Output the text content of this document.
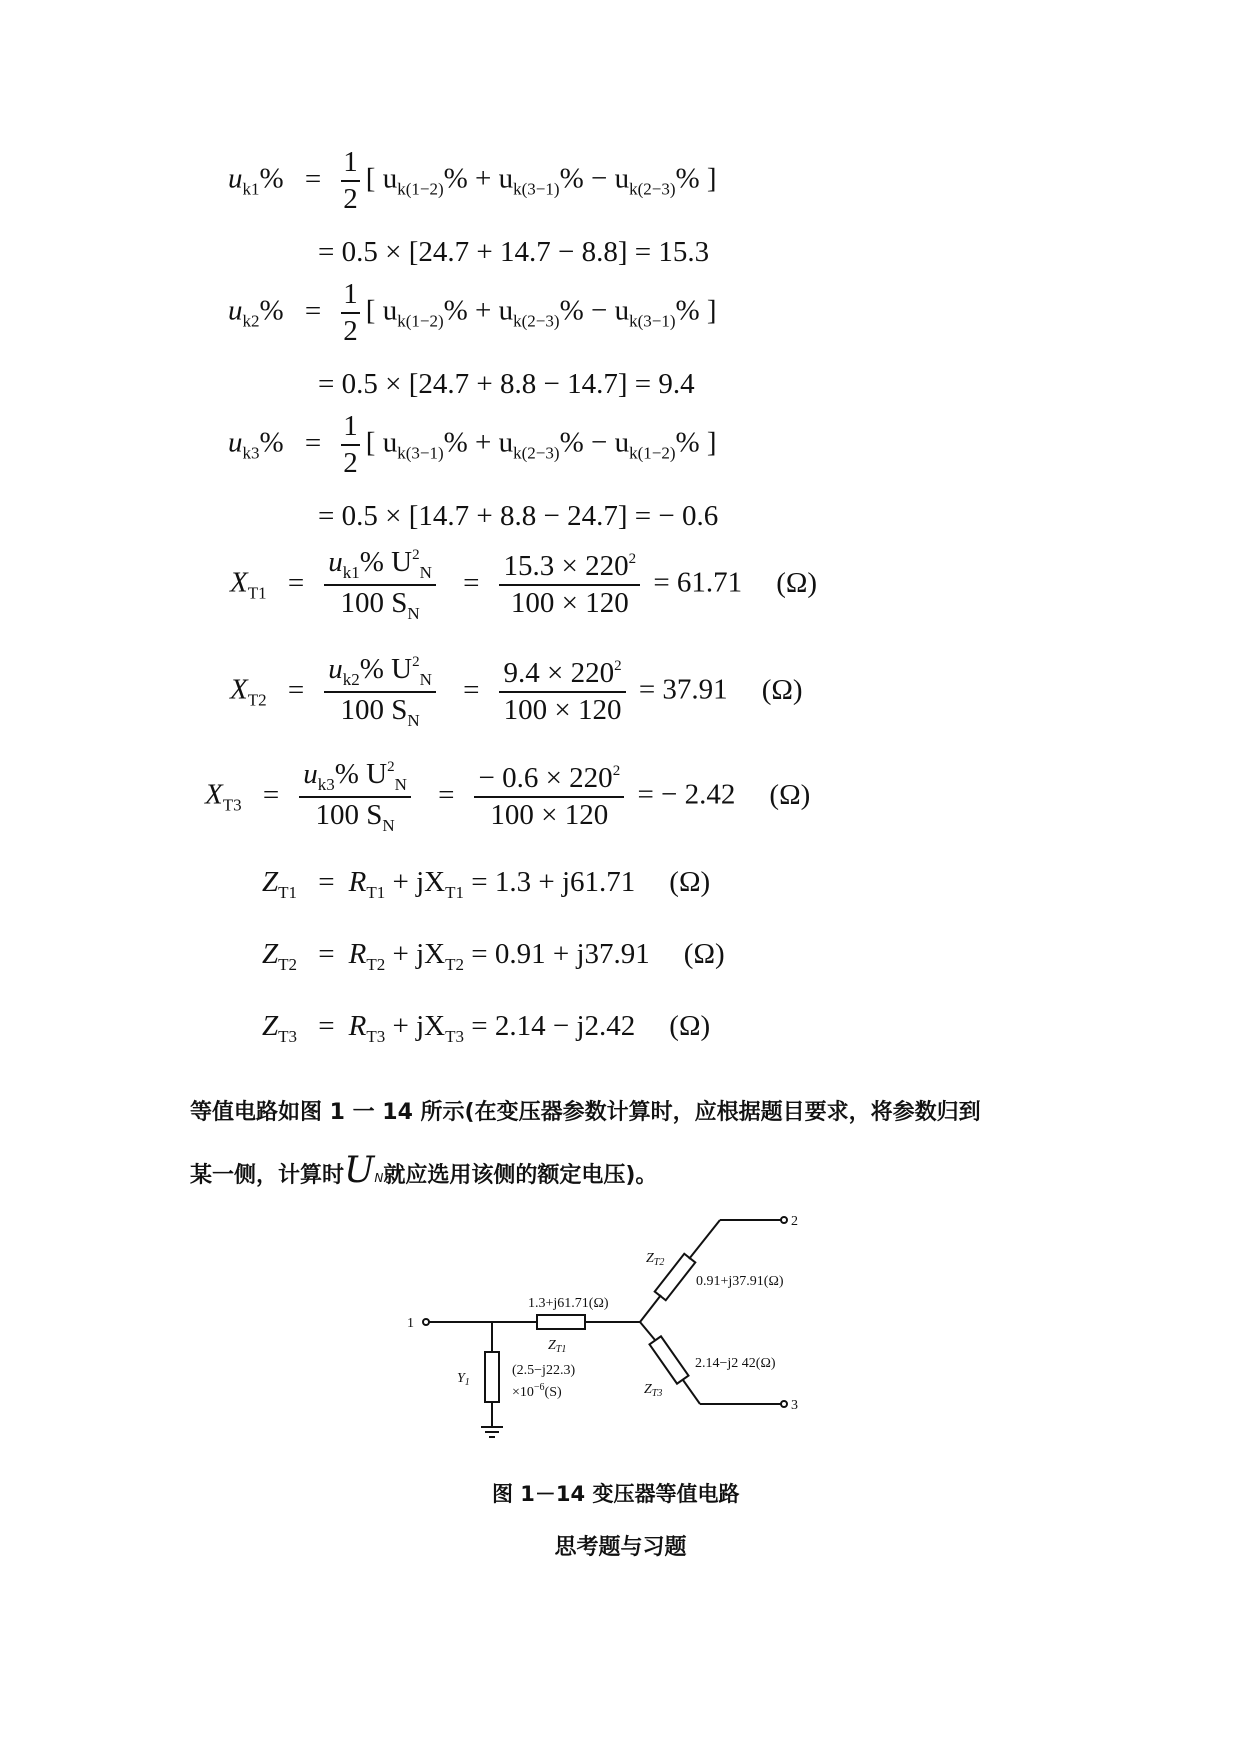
$u_{k1}\% = \frac{1}{2}$ [ $u_{k(1-2)}\% + u_{k(3-1)}\% - u_{k(2-3)}\%$ ]
= 0.5 × [24.7 + 14.7 − 8.8] = 15.3
$u_{k2}\% = \frac{1}{2}$ [ $u_{k(1-2)}\% + u_{k(2-3)}\% - u_{k(3-1)}\%$ ]
= 0.5 × [24.7 + 8.8 − 14.7] = 9.4
$u_{k3}\% = \frac{1}{2}$ [ $u_{k(3-1)}\% + u_{k(2-3)}\% - u_{k(1-2)}\%$ ]
= 0.5 × [14.7 + 8.8 − 24.7] = − 0.6
$X_{T1} = \frac{u_{k1}\% U^2_N}{100 S_N} = \frac{15.3 \times 220^2}{100 \times 120} = 61.71$ (Ω)
$X_{T2} = \frac{u_{k2}\% U^2_N}{100 S_N} = \frac{9.4 \times 220^2}{100 \times 120} = 37.91$ (Ω)
$X_{T3} = \frac{u_{k3}\% U^2_N}{100 S_N} = \frac{- 0.6 \times 220^2}{100 \times 120}$ = − 2.42 (Ω)
$Z_{T1} = R_{T1} + jX_{T1} = 1.3 + j61.71$ (Ω)
$Z_{T2} = R_{T2} + jX_{T2} = 0.91 + j37.91$ (Ω)
$Z_{T3} = R_{T3} + jX_{T3} = 2.14 - j2.42$ (Ω)
等值电路如图 1 一 14 所示(在变压器参数计算时，应根据题目要求，将参数归到
某一侧，计算时UN就应选用该侧的额定电压)。
1
2
3
1.3+j61.71(Ω)
$Z_{T1}$
$Z_{T2}$
0.91+j37.91(Ω)
2.14−j2 42(Ω)
$Z_{T3}$
$Y_1$
(2.5−j22.3)
$\times 10^{-6}(S)$
图 1－14 变压器等值电路
思考题与习题
